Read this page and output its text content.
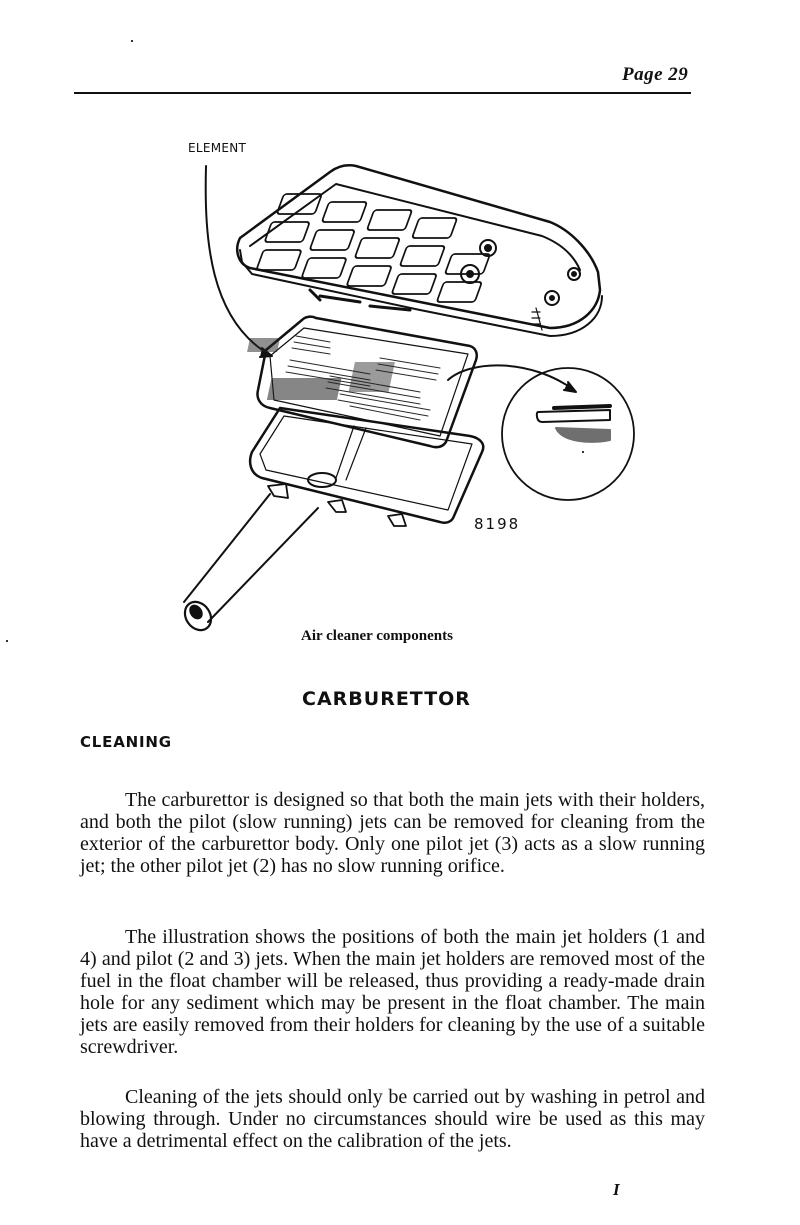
Page 29
ELEMENT
8198
Air cleaner components
CARBURETTOR
CLEANING

The carburettor is designed so that both the main jets with their holders, and both the pilot (slow running) jets can be removed for cleaning from the exterior of the carburettor body. Only one pilot jet (3) acts as a slow running jet; the other pilot jet (2) has no slow running orifice.

The illustration shows the positions of both the main jet holders (1 and 4) and pilot (2 and 3) jets. When the main jet holders are removed most of the fuel in the float chamber will be released, thus providing a ready-made drain hole for any sediment which may be present in the float chamber. The main jets are easily removed from their holders for cleaning by the use of a suitable screwdriver.

Cleaning of the jets should only be carried out by washing in petrol and blowing through. Under no circumstances should wire be used as this may have a detrimental effect on the calibration of the jets.

I
